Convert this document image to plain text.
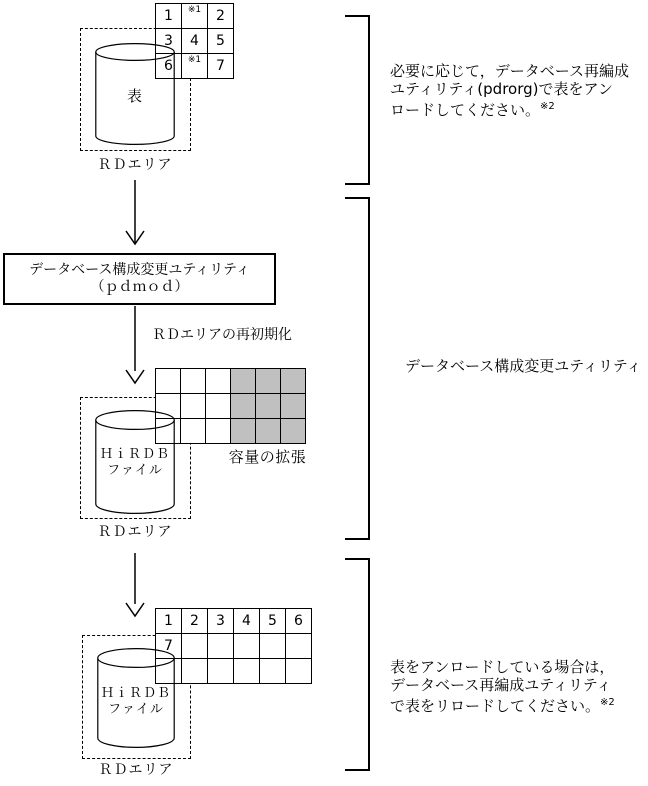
1	※1	2
3	4	5
6	※1	7
1	2	3	4	5	6
7
表
ＲＤエリア
ＨｉＲＤＢ
ファイル
ＲＤエリア
ＨｉＲＤＢ
ファイル
ＲＤエリア
容量の拡張
データベース構成変更ユティリティ
（ｐｄｍｏｄ）
ＲＤエリアの再初期化
必要に応じて，データベース再編成
ユティリティ(pdrorg)で表をアン
ロードしてください。$^{※2}$
データベース構成変更ユティリティ
表をアンロードしている場合は，
データベース再編成ユティリティ
で表をリロードしてください。$^{※2}$
